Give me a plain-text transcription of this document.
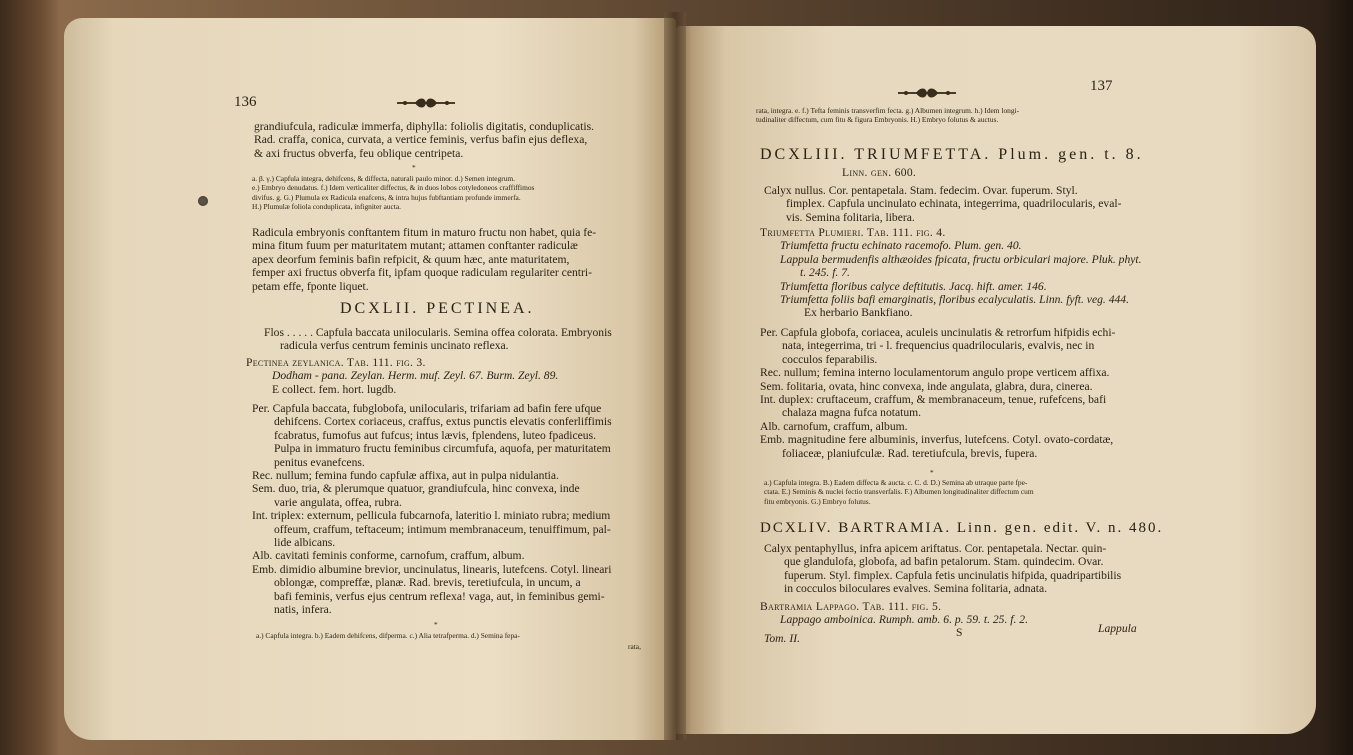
136
grandiufcula, radiculæ immerfa, diphylla: foliolis digitatis, conduplicatis.
Rad. craffa, conica, curvata, a vertice feminis, verfus bafin ejus deflexa,
& axi fructus obverfa, feu oblique centripeta.
*
a. β. γ.) Capfula integra, dehifcens, & diffecta, naturali paulo minor. d.) Semen integrum.
e.) Embryo denudatus. f.) Idem verticaliter diffectus, & in duos lobos cotyledoneos craffiffimos
divifus. g. G.) Plumula ex Radicula enafcens, & intra hujus fubftantiam profunde immerfa.
H.) Plumulæ foliola conduplicata, infigniter aucta.
Radicula embryonis conftantem fitum in maturo fructu non habet, quia fe-
mina fitum fuum per maturitatem mutant; attamen conftanter radiculæ
apex deorfum feminis bafin refpicit, & quum hæc, ante maturitatem,
femper axi fructus obverfa fit, ipfam quoque radiculam regulariter centri-
petam effe, fponte liquet.
DCXLII. PECTINEA.
Flos . . . . . Capfula baccata unilocularis. Semina offea colorata. Embryonis
radicula verfus centrum feminis uncinato reflexa.
Pectinea zeylanica. Tab. 111. fig. 3.
Dodham - pana. Zeylan. Herm. muf. Zeyl. 67. Burm. Zeyl. 89.
E collect. fem. hort. lugdb.
Per. Capfula baccata, fubglobofa, unilocularis, trifariam ad bafin fere ufque
dehifcens. Cortex coriaceus, craffus, extus punctis elevatis conferliffimis
fcabratus, fumofus aut fufcus; intus lævis, fplendens, luteo fpadiceus.
Pulpa in immaturo fructu feminibus circumfufa, aquofa, per maturitatem
penitus evanefcens.
Rec. nullum; femina fundo capfulæ affixa, aut in pulpa nidulantia.
Sem. duo, tria, & plerumque quatuor, grandiufcula, hinc convexa, inde
varie angulata, offea, rubra.
Int. triplex: externum, pellicula fubcarnofa, lateritio l. miniato rubra; medium
offeum, craffum, teftaceum; intimum membranaceum, tenuiffimum, pal-
lide albicans.
Alb. cavitati feminis conforme, carnofum, craffum, album.
Emb. dimidio albumine brevior, uncinulatus, linearis, lutefcens. Cotyl. lineari
oblongæ, compreffæ, planæ. Rad. brevis, teretiufcula, in uncum, a
bafi feminis, verfus ejus centrum reflexa! vaga, aut, in feminibus gemi-
natis, infera.
*
a.) Capfula integra. b.) Eadem dehifcens, difperma. c.) Alia tetrafperma. d.) Semina fepa-
rata,
137
rata, integra. e. f.) Tefta feminis transverfim fecta. g.) Albumen integrum. h.) Idem longi-
tudinaliter diffectum, cum fitu & figura Embryonis. H.) Embryo folutus & auctus.
DCXLIII. TRIUMFETTA. Plum. gen. t. 8.
Linn. gen. 600.
Calyx nullus. Cor. pentapetala. Stam. fedecim. Ovar. fuperum. Styl.
fimplex. Capfula uncinulato echinata, integerrima, quadrilocularis, eval-
vis. Semina folitaria, libera.
Triumfetta Plumieri. Tab. 111. fig. 4.
Triumfetta fructu echinato racemofo. Plum. gen. 40.
Lappula bermudenfis althæoides fpicata, fructu orbiculari majore. Pluk. phyt.
t. 245. f. 7.
Triumfetta floribus calyce deftitutis. Jacq. hift. amer. 146.
Triumfetta foliis bafi emarginatis, floribus ecalyculatis. Linn. fyft. veg. 444.
Ex herbario Bankfiano.
Per. Capfula globofa, coriacea, aculeis uncinulatis & retrorfum hifpidis echi-
nata, integerrima, tri - l. frequencius quadrilocularis, evalvis, nec in
cocculos feparabilis.
Rec. nullum; femina interno loculamentorum angulo prope verticem affixa.
Sem. folitaria, ovata, hinc convexa, inde angulata, glabra, dura, cinerea.
Int. duplex: cruftaceum, craffum, & membranaceum, tenue, rufefcens, bafi
chalaza magna fufca notatum.
Alb. carnofum, craffum, album.
Emb. magnitudine fere albuminis, inverfus, lutefcens. Cotyl. ovato-cordatæ,
foliaceæ, planiufculæ. Rad. teretiufcula, brevis, fupera.
*
a.) Capfula integra. B.) Eadem diffecta & aucta. c. C. d. D.) Semina ab utraque parte fpe-
ctata. E.) Seminis & nuclei fectio transverfalis. F.) Albumen longitudinaliter diffectum cum
fitu embryonis. G.) Embryo folutus.
DCXLIV. BARTRAMIA. Linn. gen. edit. V. n. 480.
Calyx pentaphyllus, infra apicem ariftatus. Cor. pentapetala. Nectar. quin-
que glandulofa, globofa, ad bafin petalorum. Stam. quindecim. Ovar.
fuperum. Styl. fimplex. Capfula fetis uncinulatis hifpida, quadripartibilis
in cocculos biloculares evalves. Semina folitaria, adnata.
Bartramia Lappago. Tab. 111. fig. 5.
Lappago amboinica. Rumph. amb. 6. p. 59. t. 25. f. 2.
Tom. II.	S	Lappula
